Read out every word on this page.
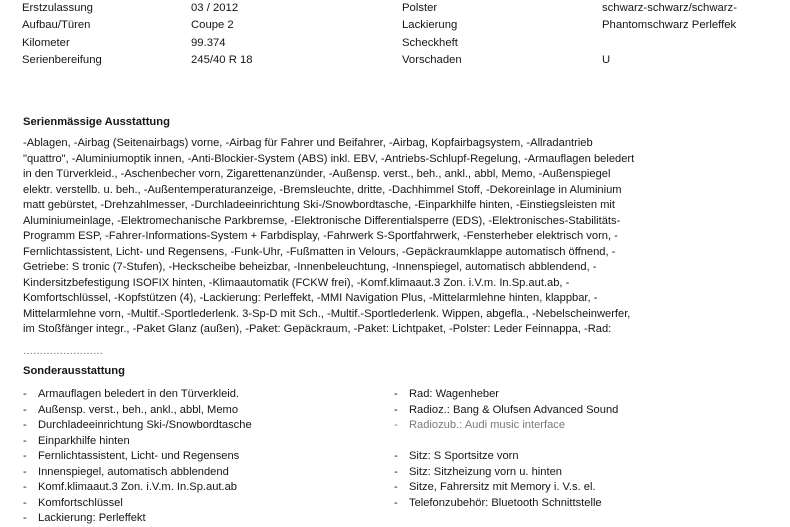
Erstzulassung
Aufbau/Türen
Kilometer
Serienbereifung
03 / 2012
Coupe 2
99.374
245/40 R 18
Polster
Lackierung
Scheckheft
Vorschaden
schwarz-schwarz/schwarz-
Phantomschwarz Perleffek
U
Serienmässige Ausstattung
-Ablagen, -Airbag (Seitenairbags) vorne, -Airbag für Fahrer und Beifahrer, -Airbag, Kopfairbagsystem, -Allradantrieb
"quattro", -Aluminiumoptik innen, -Anti-Blockier-System (ABS) inkl. EBV, -Antriebs-Schlupf-Regelung, -Armauflagen beledert
in den Türverkleid., -Aschenbecher vorn, Zigarettenanzünder, -Außensp. verst., beh., ankl., abbl, Memo, -Außenspiegel
elektr. verstellb. u. beh., -Außentemperaturanzeige, -Bremsleuchte, dritte, -Dachhimmel Stoff, -Dekoreinlage in Aluminium
matt gebürstet, -Drehzahlmesser, -Durchladeeinrichtung Ski-/Snowbordtasche, -Einparkhilfe hinten, -Einstiegsleisten mit
Aluminiumeinlage, -Elektromechanische Parkbremse, -Elektronische Differentialsperre (EDS), -Elektronisches-Stabilitäts-
Programm ESP, -Fahrer-Informations-System + Farbdisplay, -Fahrwerk S-Sportfahrwerk, -Fensterheber elektrisch vorn, -
Fernlichtassistent, Licht- und Regensens, -Funk-Uhr, -Fußmatten in Velours, -Gepäckraumklappe automatisch öffnend, -
Getriebe: S tronic (7-Stufen), -Heckscheibe beheizbar, -Innenbeleuchtung, -Innenspiegel, automatisch abblendend, -
Kindersitzbefestigung ISOFIX hinten, -Klimaautomatik (FCKW frei), -Komf.klimaaut.3 Zon. i.V.m. In.Sp.aut.ab, -
Komfortschlüssel, -Kopfstützen (4), -Lackierung: Perleffekt, -MMI Navigation Plus, -Mittelarmlehne hinten, klappbar, -
Mittelarmlehne vorn, -Multif.-Sportlederlenk. 3-Sp-D mit Sch., -Multif.-Sportlederlenk. Wippen, abgefla., -Nebelscheinwerfer,
im Stoßfänger integr., -Paket Glanz (außen), -Paket: Gepäckraum, -Paket: Lichtpaket, -Polster: Leder Feinnappa, -Rad:
……………………
Sonderausstattung
- Armauflagen beledert in den Türverkleid.
- Außensp. verst., beh., ankl., abbl, Memo
- Durchladeeinrichtung Ski-/Snowbordtasche
- Einparkhilfe hinten
- Fernlichtassistent, Licht- und Regensens
- Innenspiegel, automatisch abblendend
- Komf.klimaaut.3 Zon. i.V.m. In.Sp.aut.ab
- Komfortschlüssel
- Lackierung: Perleffekt
- Rad: Wagenheber
- Radioz.: Bang & Olufsen Advanced Sound
- Radiozub.: Audi music interface
- Sitz: S Sportsitze vorn
- Sitz: Sitzheizung vorn u. hinten
- Sitze, Fahrersitz mit Memory i. V.s. el.
- Telefonzubehör: Bluetooth Schnittstelle
